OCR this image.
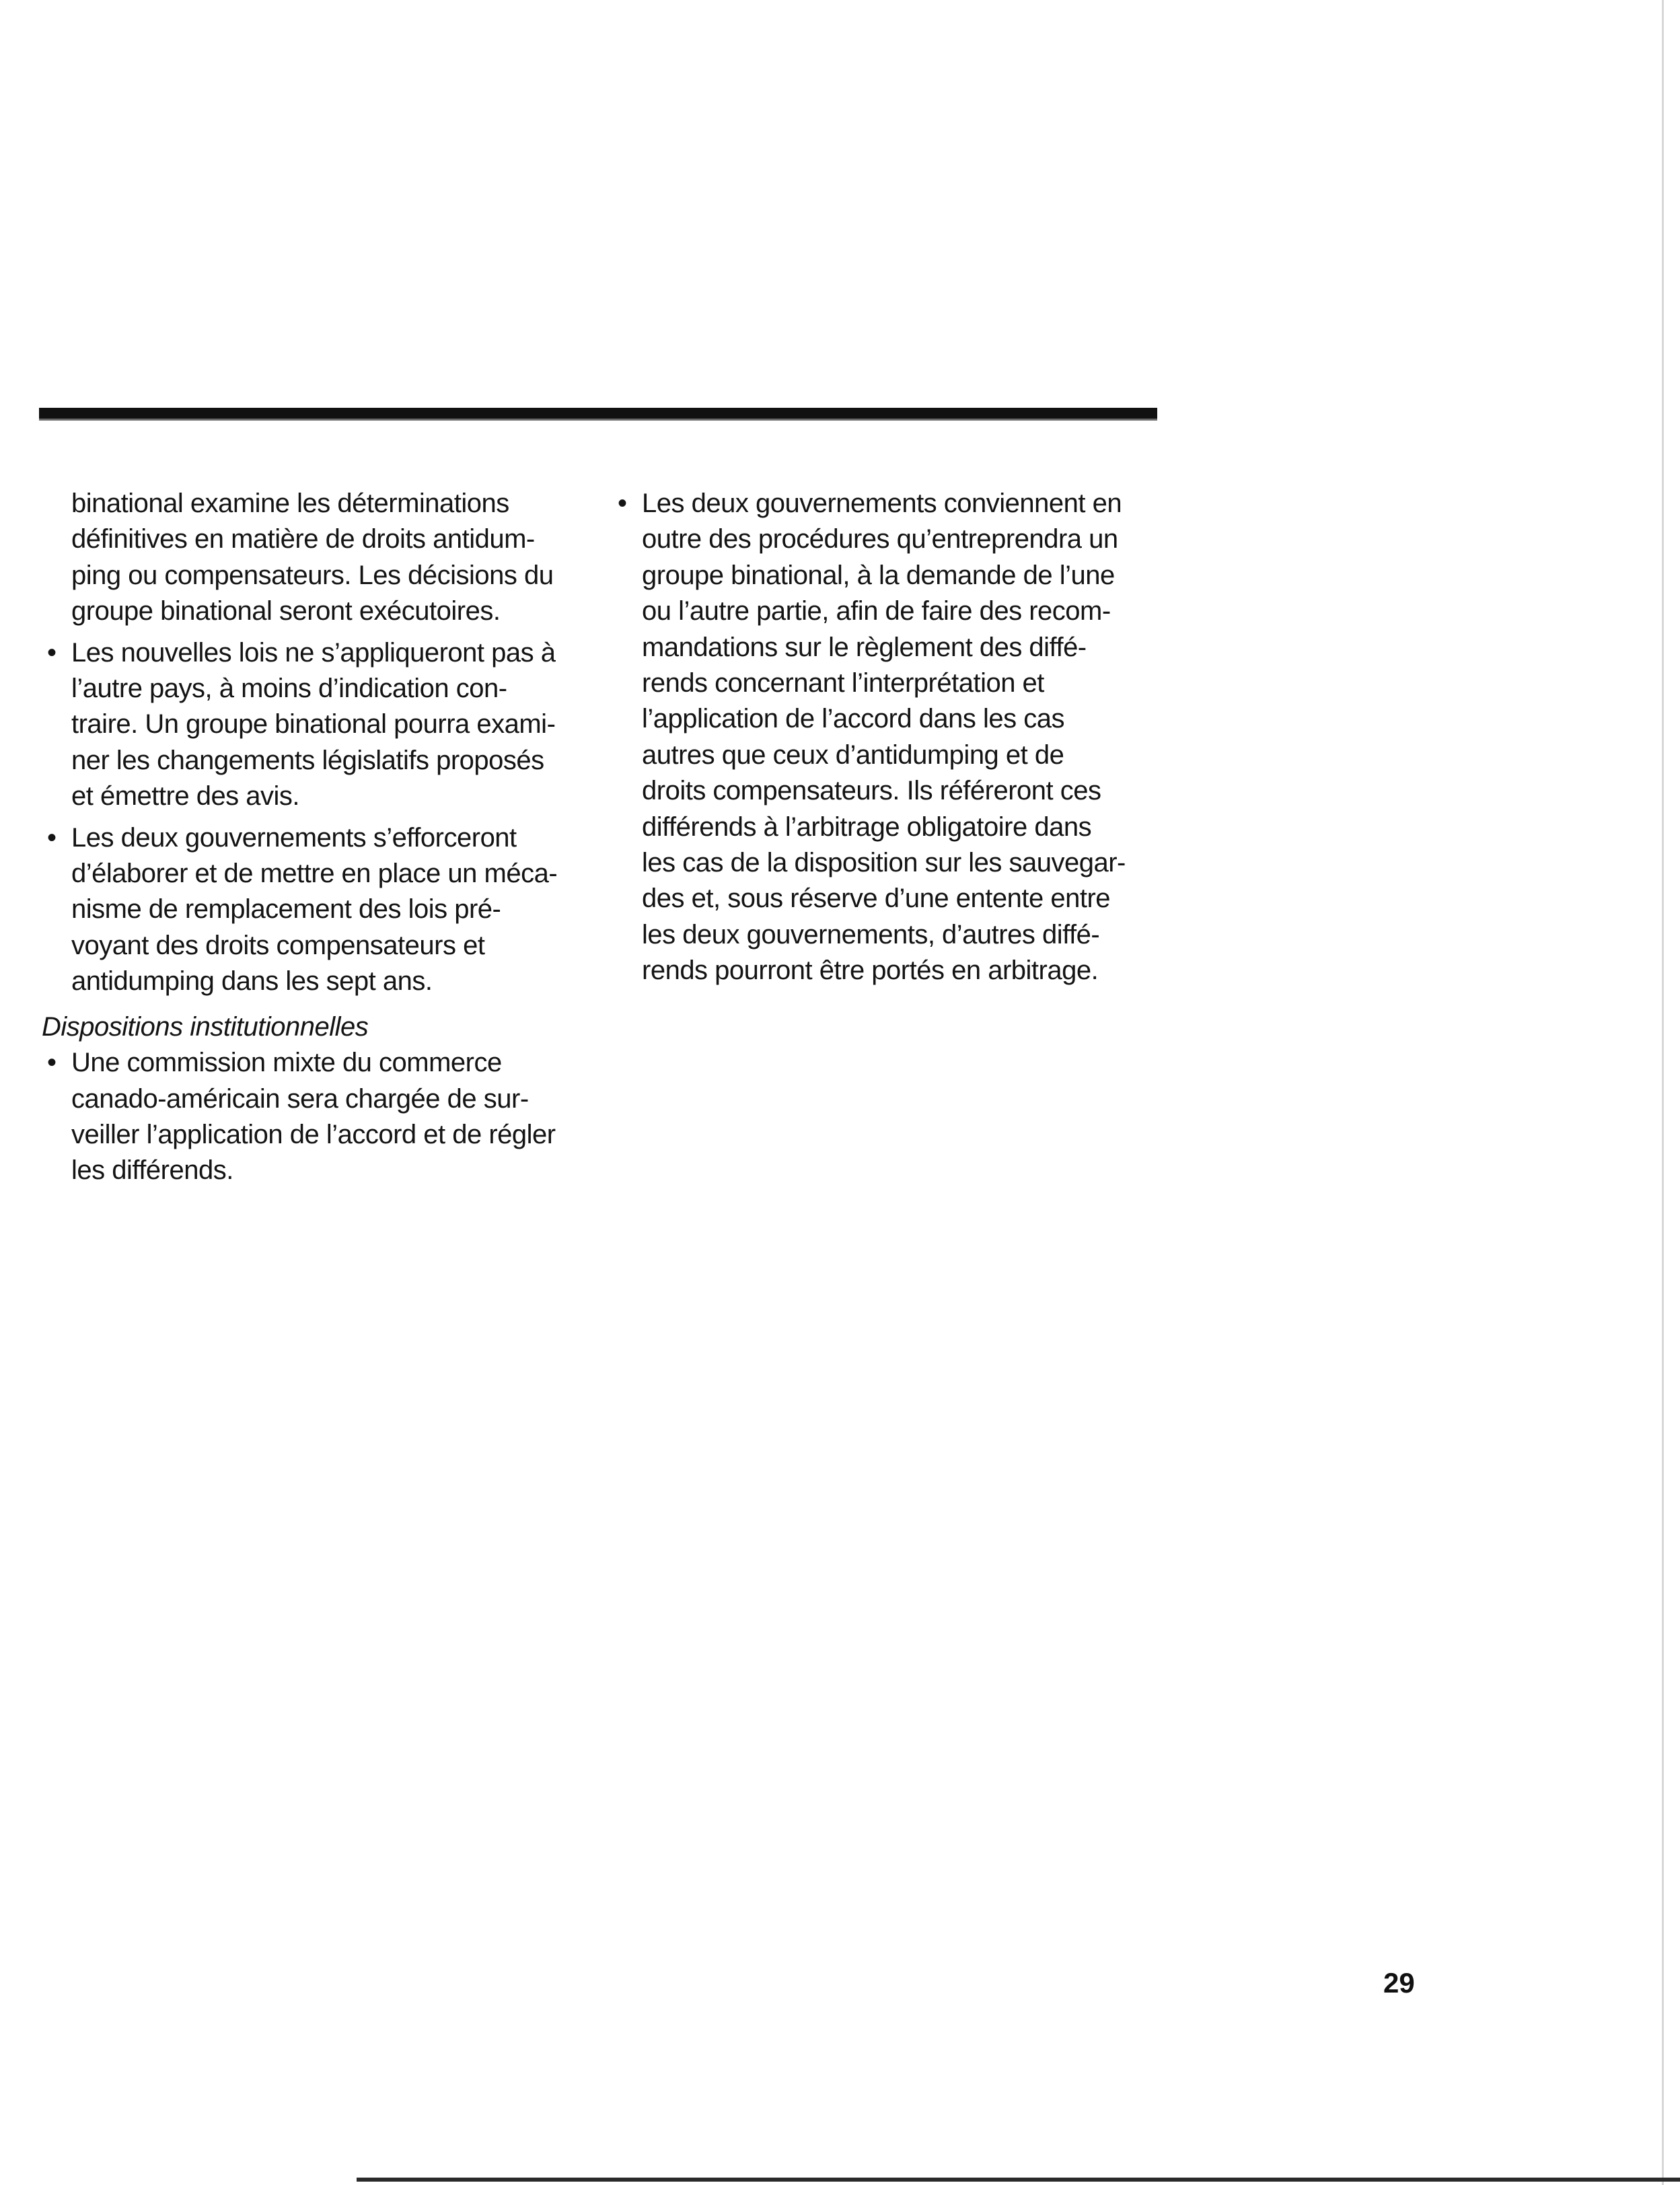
binational examine les déterminations
définitives en matière de droits antidum-
ping ou compensateurs. Les décisions du
groupe binational seront exécutoires.

• Les nouvelles lois ne s’appliqueront pas à
l’autre pays, à moins d’indication con-
traire. Un groupe binational pourra exami-
ner les changements législatifs proposés
et émettre des avis.
• Les deux gouvernements s’efforceront
d’élaborer et de mettre en place un méca-
nisme de remplacement des lois pré-
voyant des droits compensateurs et
antidumping dans les sept ans.

Dispositions institutionnelles

• Une commission mixte du commerce
canado-américain sera chargée de sur-
veiller l’application de l’accord et de régler
les différends.
• Les deux gouvernements conviennent en
outre des procédures qu’entreprendra un
groupe binational, à la demande de l’une
ou l’autre partie, afin de faire des recom-
mandations sur le règlement des diffé-
rends concernant l’interprétation et
l’application de l’accord dans les cas
autres que ceux d’antidumping et de
droits compensateurs. Ils référeront ces
différends à l’arbitrage obligatoire dans
les cas de la disposition sur les sauvegar-
des et, sous réserve d’une entente entre
les deux gouvernements, d’autres diffé-
rends pourront être portés en arbitrage.
29
